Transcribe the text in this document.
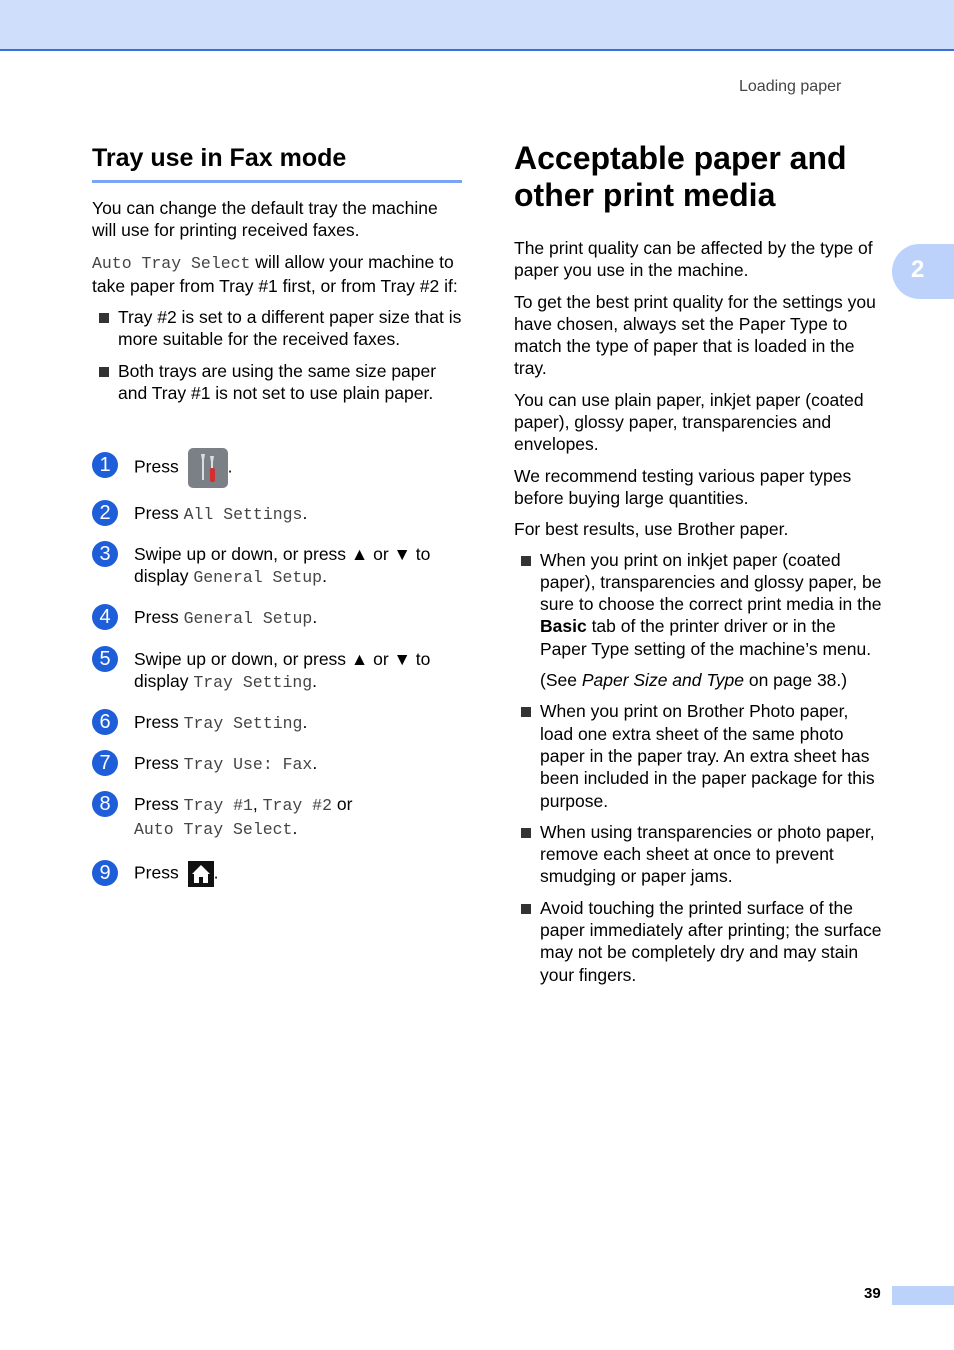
Loading paper
2
Tray use in Fax mode

You can change the default tray the machine will use for printing received faxes.

Auto Tray Select will allow your machine to take paper from Tray #1 first, or from Tray #2 if:

Tray #2 is set to a different paper size that is more suitable for the received faxes.
Both trays are using the same size paper and Tray #1 is not set to use plain paper.
1	Press	.
2	Press All Settings.
3	Swipe up or down, or press ▲ or ▼ to display General Setup.
4	Press General Setup.
5	Swipe up or down, or press ▲ or ▼ to display Tray Setting.
6	Press Tray Setting.
7	Press Tray Use: Fax.
8	Press Tray #1, Tray #2 or
Auto Tray Select.
9	Press .
Acceptable paper and
other print media

The print quality can be affected by the type of paper you use in the machine.

To get the best print quality for the settings you have chosen, always set the Paper Type to match the type of paper that is loaded in the tray.

You can use plain paper, inkjet paper (coated paper), glossy paper, transparencies and envelopes.

We recommend testing various paper types before buying large quantities.

For best results, use Brother paper.

When you print on inkjet paper (coated paper), transparencies and glossy paper, be sure to choose the correct print media in the Basic tab of the printer driver or in the Paper Type setting of the machine’s menu.
(See Paper Size and Type on page 38.)
When you print on Brother Photo paper, load one extra sheet of the same photo paper in the paper tray. An extra sheet has been included in the paper package for this purpose.
When using transparencies or photo paper, remove each sheet at once to prevent smudging or paper jams.
Avoid touching the printed surface of the paper immediately after printing; the surface may not be completely dry and may stain your fingers.
39
